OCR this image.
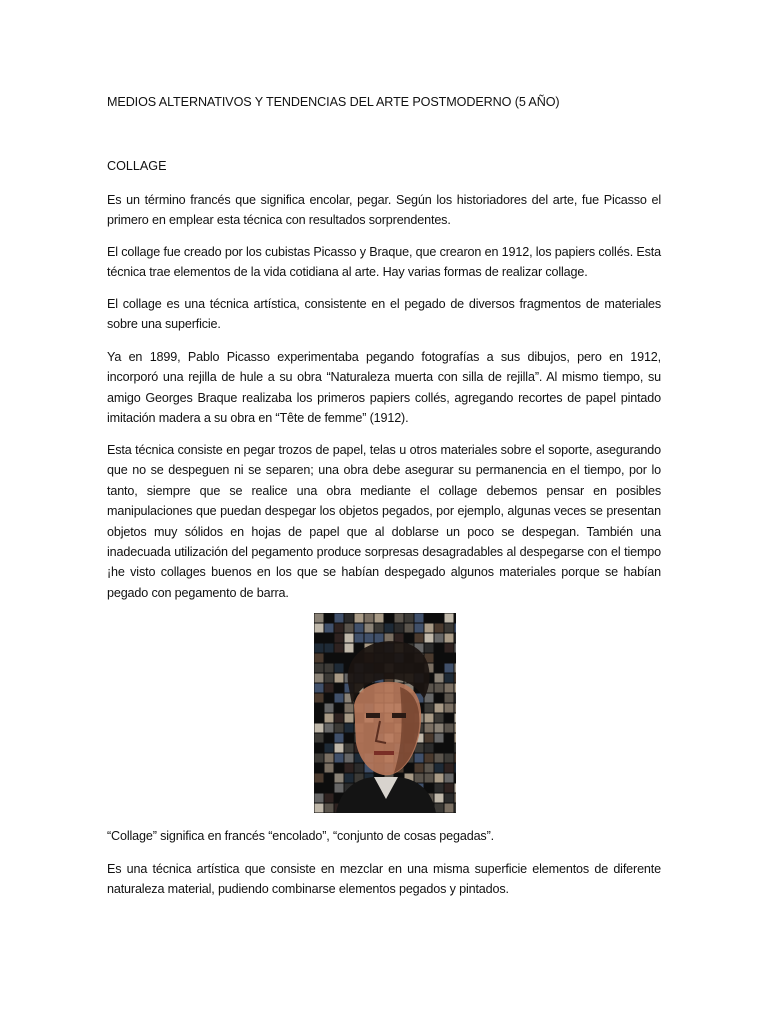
MEDIOS ALTERNATIVOS Y TENDENCIAS DEL ARTE POSTMODERNO (5 AÑO)
COLLAGE

Es un término francés que significa encolar, pegar. Según los historiadores del arte, fue Picasso el primero en emplear esta técnica con resultados sorprendentes.

El collage fue creado por los cubistas Picasso y Braque, que crearon en 1912, los papiers collés. Esta técnica trae elementos de la vida cotidiana al arte. Hay varias formas de realizar collage.

El collage es una técnica artística, consistente en el pegado de diversos fragmentos de materiales sobre una superficie.

Ya en 1899, Pablo Picasso experimentaba pegando fotografías a sus dibujos, pero en 1912, incorporó una rejilla de hule a su obra “Naturaleza muerta con silla de rejilla”. Al mismo tiempo, su amigo Georges Braque realizaba los primeros papiers collés, agregando recortes de papel pintado imitación madera a su obra en “Tête de femme” (1912).

Esta técnica consiste en pegar trozos de papel, telas u otros materiales sobre el soporte, asegurando que no se despeguen ni se separen; una obra debe asegurar su permanencia en el tiempo, por lo tanto, siempre que se realice una obra mediante el collage debemos pensar en posibles manipulaciones que puedan despegar los objetos pegados, por ejemplo, algunas veces se presentan objetos muy sólidos en hojas de papel que al doblarse un poco se despegan. También una inadecuada utilización del pegamento produce sorpresas desagradables al despegarse con el tiempo ¡he visto collages buenos en los que se habían despegado algunos materiales porque se habían pegado con pegamento de barra.

“Collage” significa en francés “encolado”, “conjunto de cosas pegadas”.

Es una técnica artística que consiste en mezclar en una misma superficie elementos de diferente naturaleza material, pudiendo combinarse elementos pegados y pintados.
